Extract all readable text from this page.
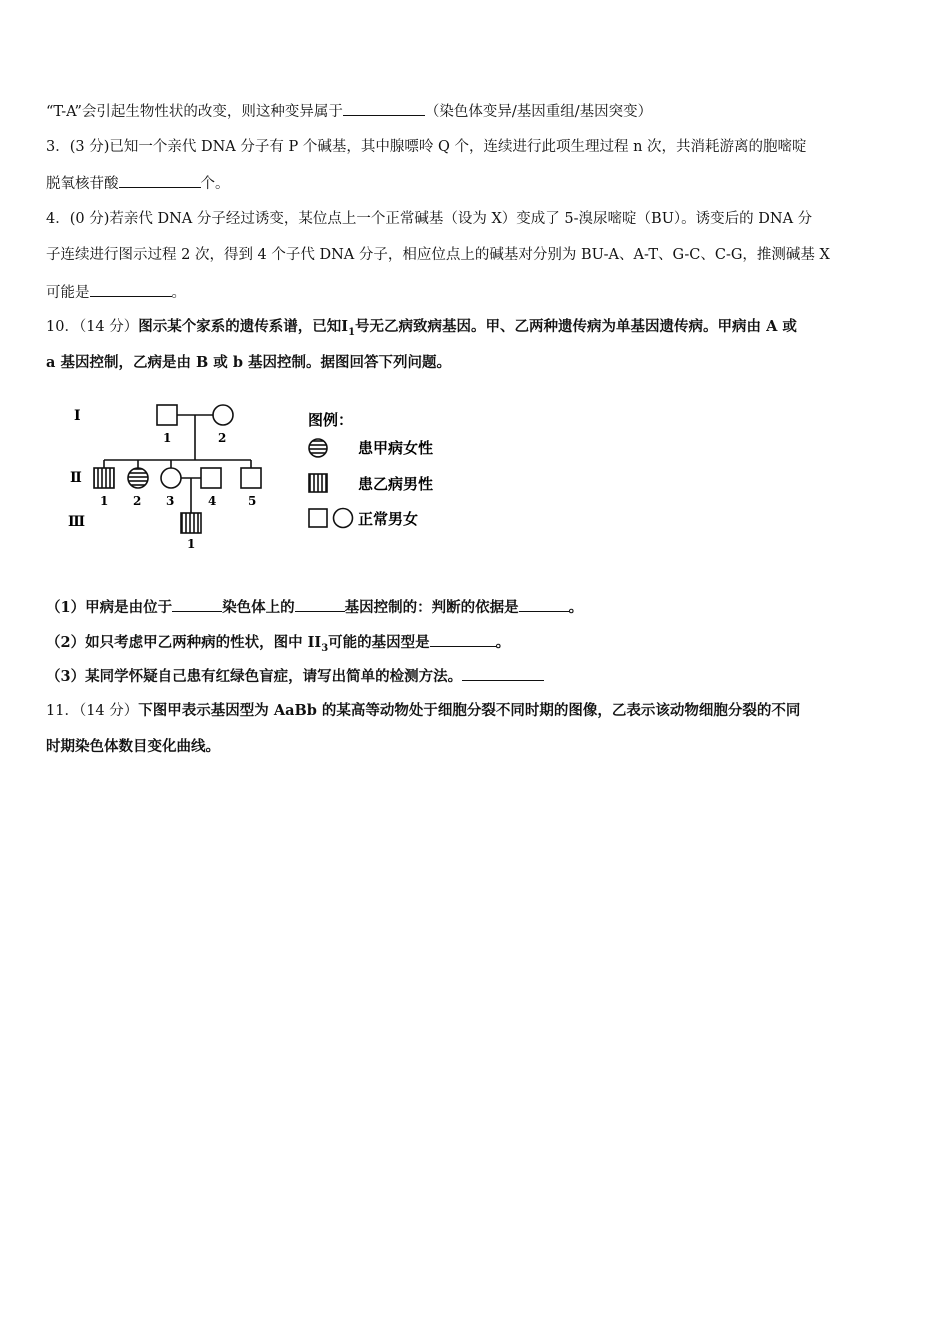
“T-A”会引起生物性状的改变，则这种变异属于	（染色体变异/基因重组/基因突变）
3．(3 分)已知一个亲代 DNA 分子有 P 个碱基，其中腺嘌呤 Q 个，连续进行此项生理过程 n 次，共消耗游离的胞嘧啶
脱氧核苷酸	个。
4．(0 分)若亲代 DNA 分子经过诱变，某位点上一个正常碱基（设为 X）变成了 5-溴尿嘧啶（BU）。诱变后的 DNA 分
子连续进行图示过程 2 次，得到 4 个子代 DNA 分子，相应位点上的碱基对分别为 BU-A、A-T、G-C、C-G，推测碱基 X
可能是	。
10．（14 分）图示某个家系的遗传系谱，已知$Ⅰ_1$号无乙病致病基因。甲、乙两种遗传病为单基因遗传病。甲病由 A 或
a 基因控制，乙病是由 B 或 b 基因控制。据图回答下列问题。
Ⅰ
Ⅱ
Ⅲ
1	2
1 2 3	4	5
1
图例：
患甲病女性
患乙病男性
正常男女
（1）甲病是由位于	染色体上的	基因控制的：判断的依据是	。
（2）如只考虑甲乙两种病的性状，图中 $II_3$可能的基因型是	。
（3）某同学怀疑自己患有红绿色盲症，请写出简单的检测方法。
11．（14 分）下图甲表示基因型为 AaBb 的某高等动物处于细胞分裂不同时期的图像，乙表示该动物细胞分裂的不同
时期染色体数目变化曲线。
